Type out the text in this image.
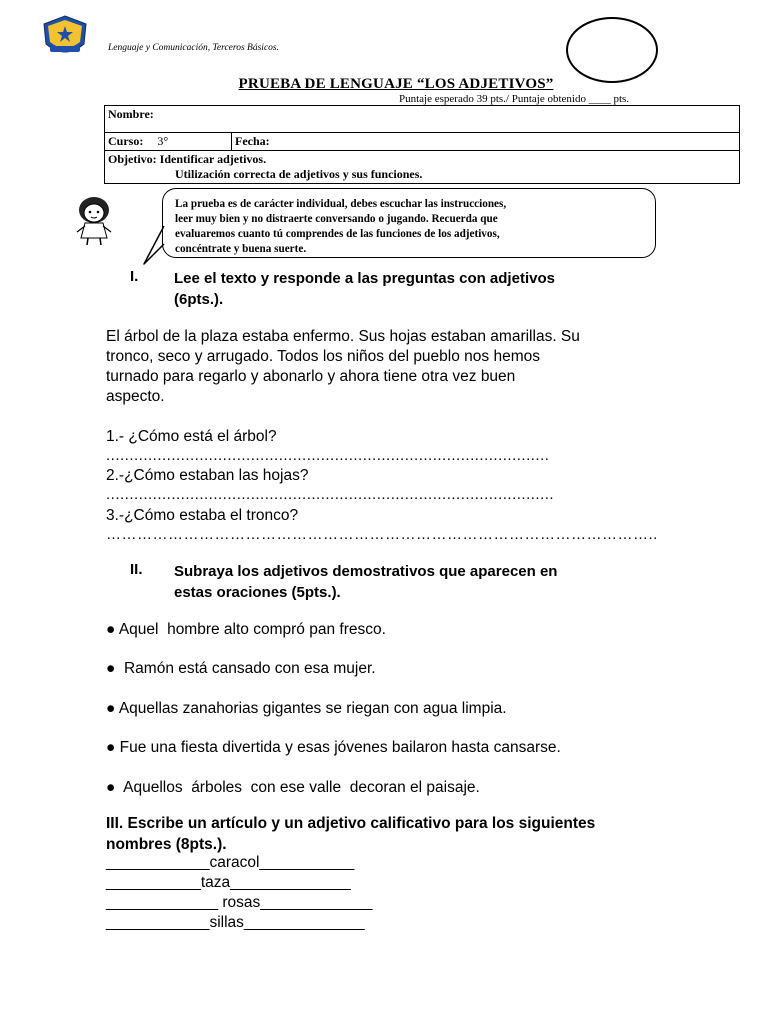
Lenguaje y Comunicación, Terceros Básicos.
PRUEBA DE LENGUAJE “LOS ADJETIVOS”
Puntaje esperado 39 pts./ Puntaje obtenido ____ pts.
Nombre:
Curso: 3°	Fecha:

Objetivo: Identificar adjetivos.
Utilización correcta de adjetivos y sus funciones.
La prueba es de carácter individual, debes escuchar las instrucciones,
leer muy bien y no distraerte conversando o jugando. Recuerda que
evaluaremos cuanto tú comprendes de las funciones de los adjetivos,
concéntrate y buena suerte.
I. Lee el texto y responde a las preguntas con adjetivos
(6pts.).
El árbol de la plaza estaba enfermo. Sus hojas estaban amarillas. Su
tronco, seco y arrugado. Todos los niños del pueblo nos hemos
turnado para regarlo y abonarlo y ahora tiene otra vez buen
aspecto.
1.- ¿Cómo está el árbol?
...............................................................................................
2.-¿Cómo estaban las hojas?
................................................................................................
3.-¿Cómo estaba el tronco?
……………………………………………………………………………………………..
II. Subraya los adjetivos demostrativos que aparecen en
estas oraciones (5pts.).
● Aquel  hombre alto compró pan fresco.
●  Ramón está cansado con esa mujer.
● Aquellas zanahorias gigantes se riegan con agua limpia.
● Fue una fiesta divertida y esas jóvenes bailaron hasta cansarse.
●  Aquellos  árboles  con ese valle  decoran el paisaje.
III. Escribe un artículo y un adjetivo calificativo para los siguientes
nombres (8pts.).
____________caracol___________
___________taza______________
_____________ rosas_____________
____________sillas______________
